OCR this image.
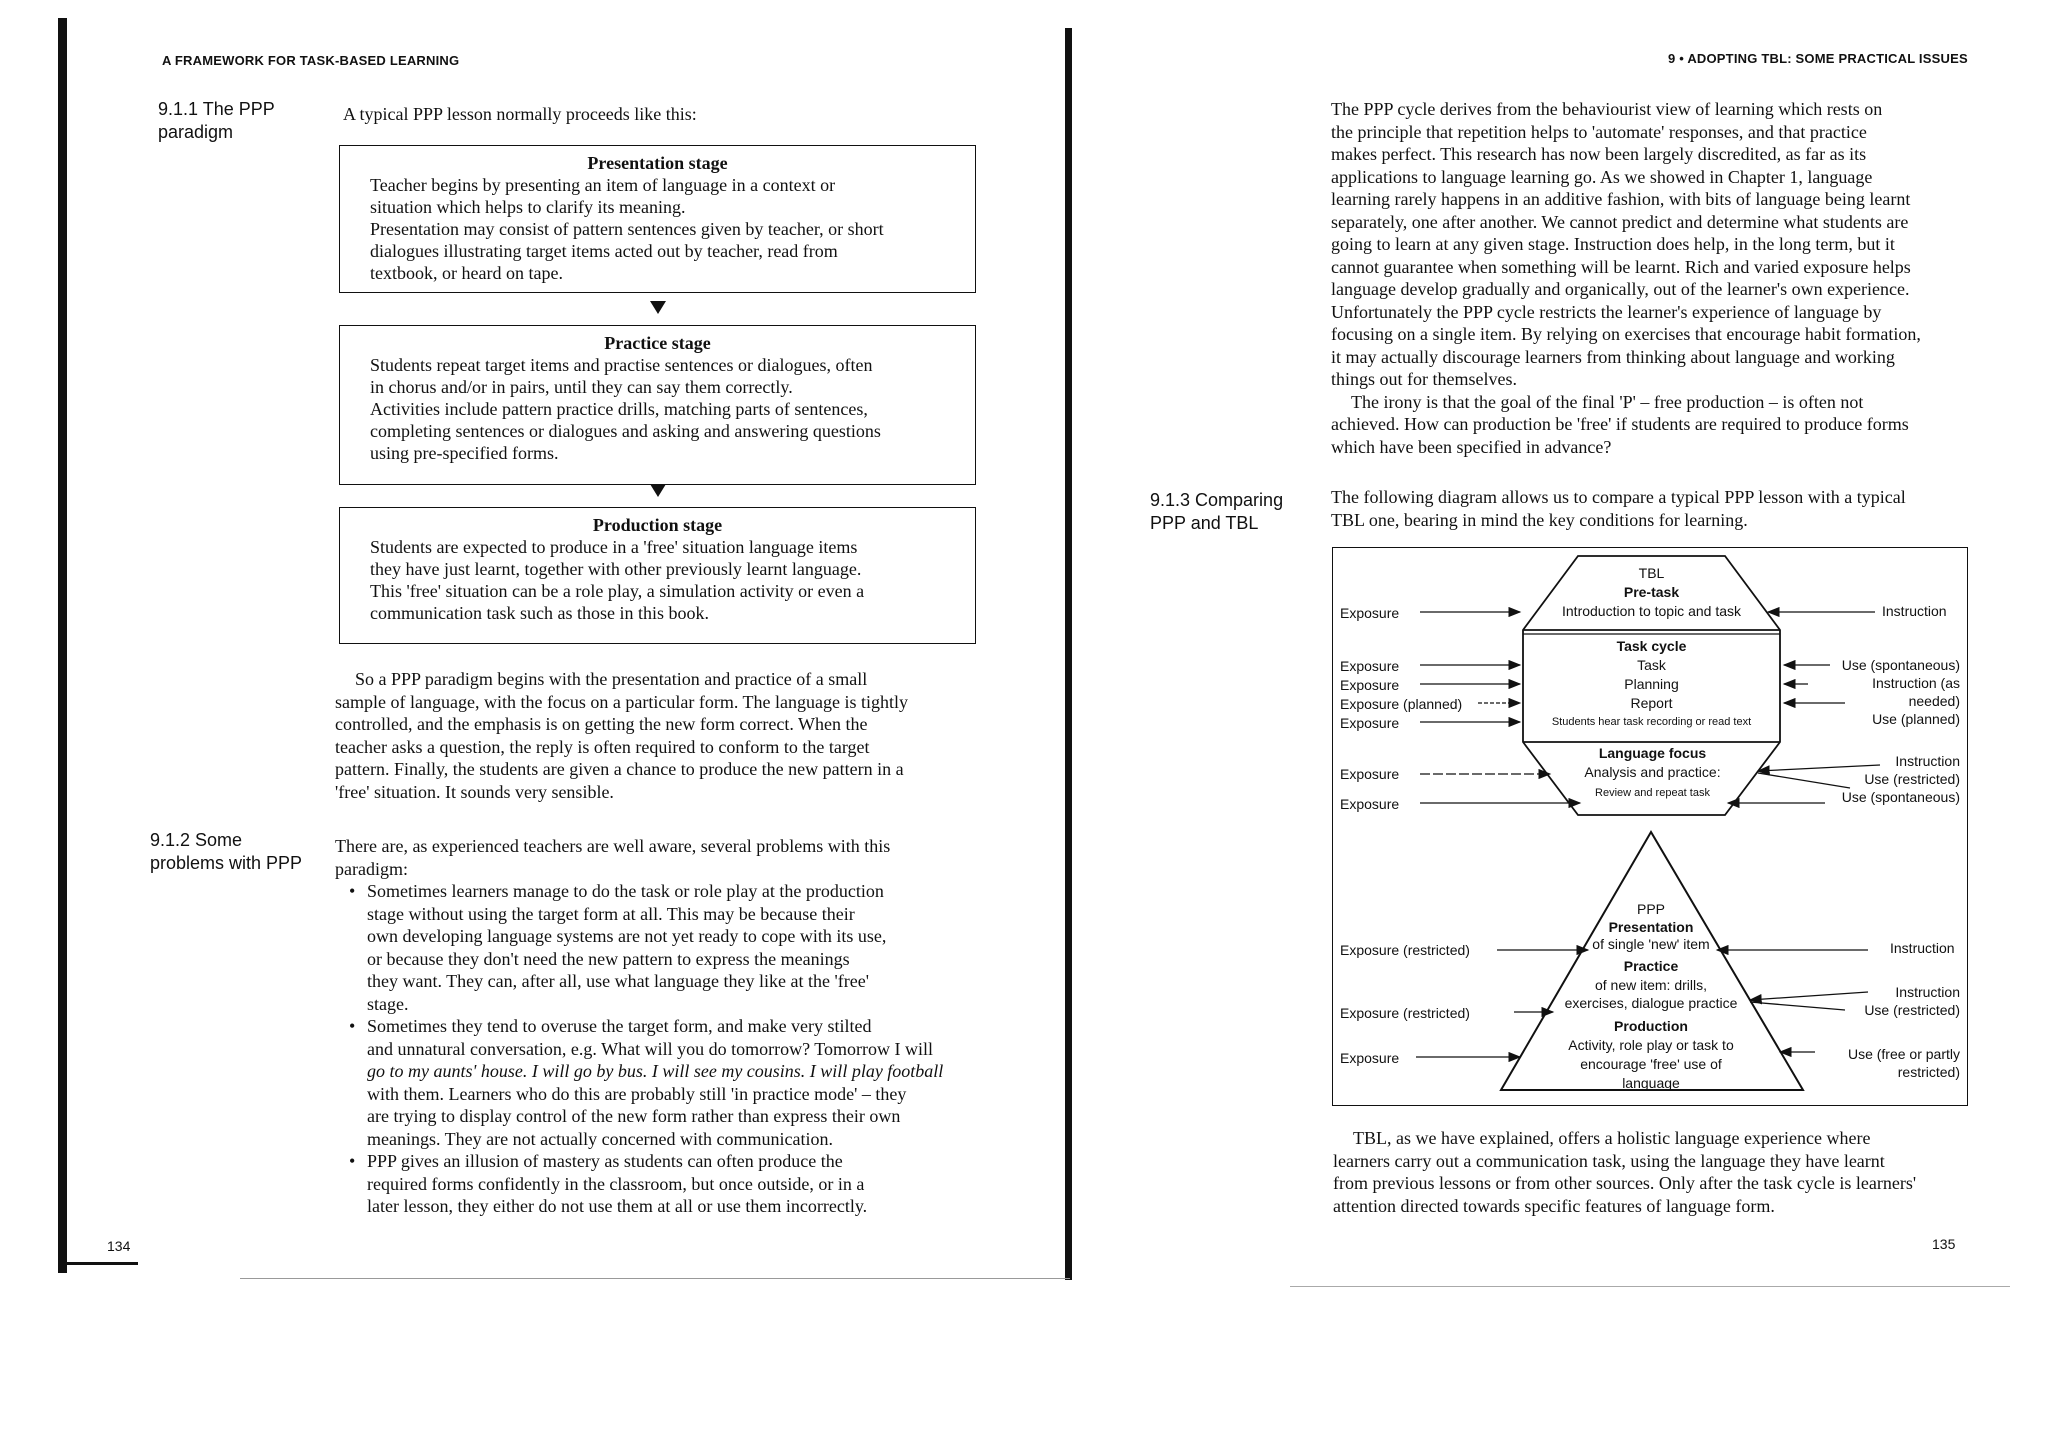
A FRAMEWORK FOR TASK-BASED LEARNING
9.1.1 The PPP
paradigm
A typical PPP lesson normally proceeds like this:
Presentation stage
Teacher begins by presenting an item of language in a context or
situation which helps to clarify its meaning.
Presentation may consist of pattern sentences given by teacher, or short
dialogues illustrating target items acted out by teacher, read from
textbook, or heard on tape.
Practice stage
Students repeat target items and practise sentences or dialogues, often
in chorus and/or in pairs, until they can say them correctly.
Activities include pattern practice drills, matching parts of sentences,
completing sentences or dialogues and asking and answering questions
using pre-specified forms.
Production stage
Students are expected to produce in a 'free' situation language items
they have just learnt, together with other previously learnt language.
This 'free' situation can be a role play, a simulation activity or even a
communication task such as those in this book.
So a PPP paradigm begins with the presentation and practice of a small
sample of language, with the focus on a particular form. The language is tightly
controlled, and the emphasis is on getting the new form correct. When the
teacher asks a question, the reply is often required to conform to the target
pattern. Finally, the students are given a chance to produce the new pattern in a
'free' situation. It sounds very sensible.
9.1.2 Some
problems with PPP
There are, as experienced teachers are well aware, several problems with this
paradigm:
• Sometimes learners manage to do the task or role play at the production
stage without using the target form at all. This may be because their
own developing language systems are not yet ready to cope with its use,
or because they don't need the new pattern to express the meanings
they want. They can, after all, use what language they like at the 'free'
stage.
• Sometimes they tend to overuse the target form, and make very stilted
and unnatural conversation, e.g. What will you do tomorrow? Tomorrow I will
go to my aunts' house. I will go by bus. I will see my cousins. I will play football
with them. Learners who do this are probably still 'in practice mode' – they
are trying to display control of the new form rather than express their own
meanings. They are not actually concerned with communication.
• PPP gives an illusion of mastery as students can often produce the
required forms confidently in the classroom, but once outside, or in a
later lesson, they either do not use them at all or use them incorrectly.
134
9 • ADOPTING TBL: SOME PRACTICAL ISSUES
The PPP cycle derives from the behaviourist view of learning which rests on
the principle that repetition helps to 'automate' responses, and that practice
makes perfect. This research has now been largely discredited, as far as its
applications to language learning go. As we showed in Chapter 1, language
learning rarely happens in an additive fashion, with bits of language being learnt
separately, one after another. We cannot predict and determine what students are
going to learn at any given stage. Instruction does help, in the long term, but it
cannot guarantee when something will be learnt. Rich and varied exposure helps
language develop gradually and organically, out of the learner's own experience.
Unfortunately the PPP cycle restricts the learner's experience of language by
focusing on a single item. By relying on exercises that encourage habit formation,
it may actually discourage learners from thinking about language and working
things out for themselves.
The irony is that the goal of the final 'P' – free production – is often not
achieved. How can production be 'free' if students are required to produce forms
which have been specified in advance?
9.1.3 Comparing
PPP and TBL
The following diagram allows us to compare a typical PPP lesson with a typical
TBL one, bearing in mind the key conditions for learning.
TBL
Pre-task
Introduction to topic and task
Exposure	Instruction
Task cycle
Task
Planning
Report
Students hear task recording or read text
Exposure
Exposure
Exposure (planned)
Exposure
Use (spontaneous)
Instruction (as needed)
Use (planned)
Language focus
Analysis and practice:
Review and repeat task
Exposure
Exposure
Instruction
Use (restricted)
Use (spontaneous)
PPP
Presentation
of single 'new' item
Practice
of new item: drills,
exercises, dialogue practice
Production
Activity, role play or task to
encourage 'free' use of language
Exposure (restricted)
Exposure (restricted)
Exposure
Instruction
Instruction
Use (restricted)
Use (free or partly
restricted)
TBL, as we have explained, offers a holistic language experience where
learners carry out a communication task, using the language they have learnt
from previous lessons or from other sources. Only after the task cycle is learners'
attention directed towards specific features of language form.
135
